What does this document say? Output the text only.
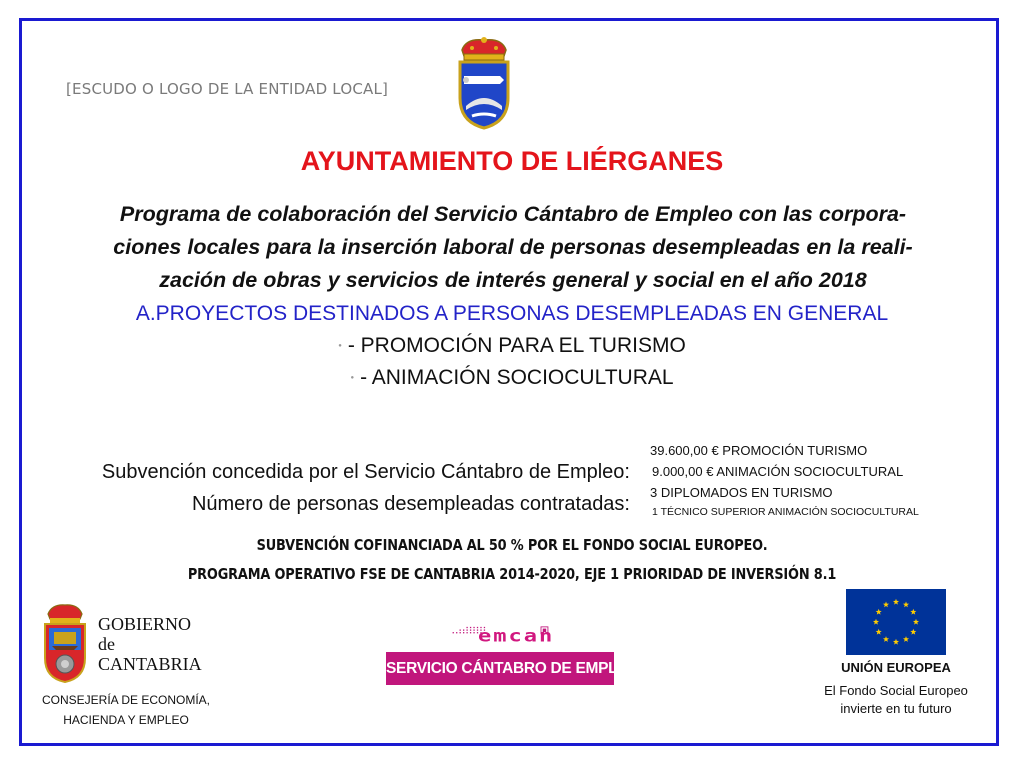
[ESCUDO O LOGO DE LA ENTIDAD LOCAL]
AYUNTAMIENTO DE LIÉRGANES
Programa de colaboración del Servicio Cántabro de Empleo con las corpora-
ciones locales para la inserción laboral de personas desempleadas en la reali-
zación de obras y servicios de interés general y social en el año 2018
A.PROYECTOS DESTINADOS A PERSONAS DESEMPLEADAS EN GENERAL
● - PROMOCIÓN PARA EL TURISMO
● - ANIMACIÓN SOCIOCULTURAL
Subvención concedida por el Servicio Cántabro de Empleo:
Número de personas desempleadas contratadas:
39.600,00 € PROMOCIÓN TURISMO
9.000,00 € ANIMACIÓN SOCIOCULTURAL
3 DIPLOMADOS EN TURISMO
1 TÉCNICO SUPERIOR ANIMACIÓN SOCIOCULTURAL
SUBVENCIÓN COFINANCIADA AL 50 % POR EL FONDO SOCIAL EUROPEO.
PROGRAMA OPERATIVO FSE DE CANTABRIA 2014-2020, EJE 1 PRIORIDAD DE INVERSIÓN 8.1
GOBIERNO
de
CANTABRIA
CONSEJERÍA DE ECONOMÍA,
HACIENDA Y EMPLEO
emcan
SERVICIO CÁNTABRO DE EMPLEO	UNIÓN EUROPEA
El Fondo Social Europeo
invierte en tu futuro
